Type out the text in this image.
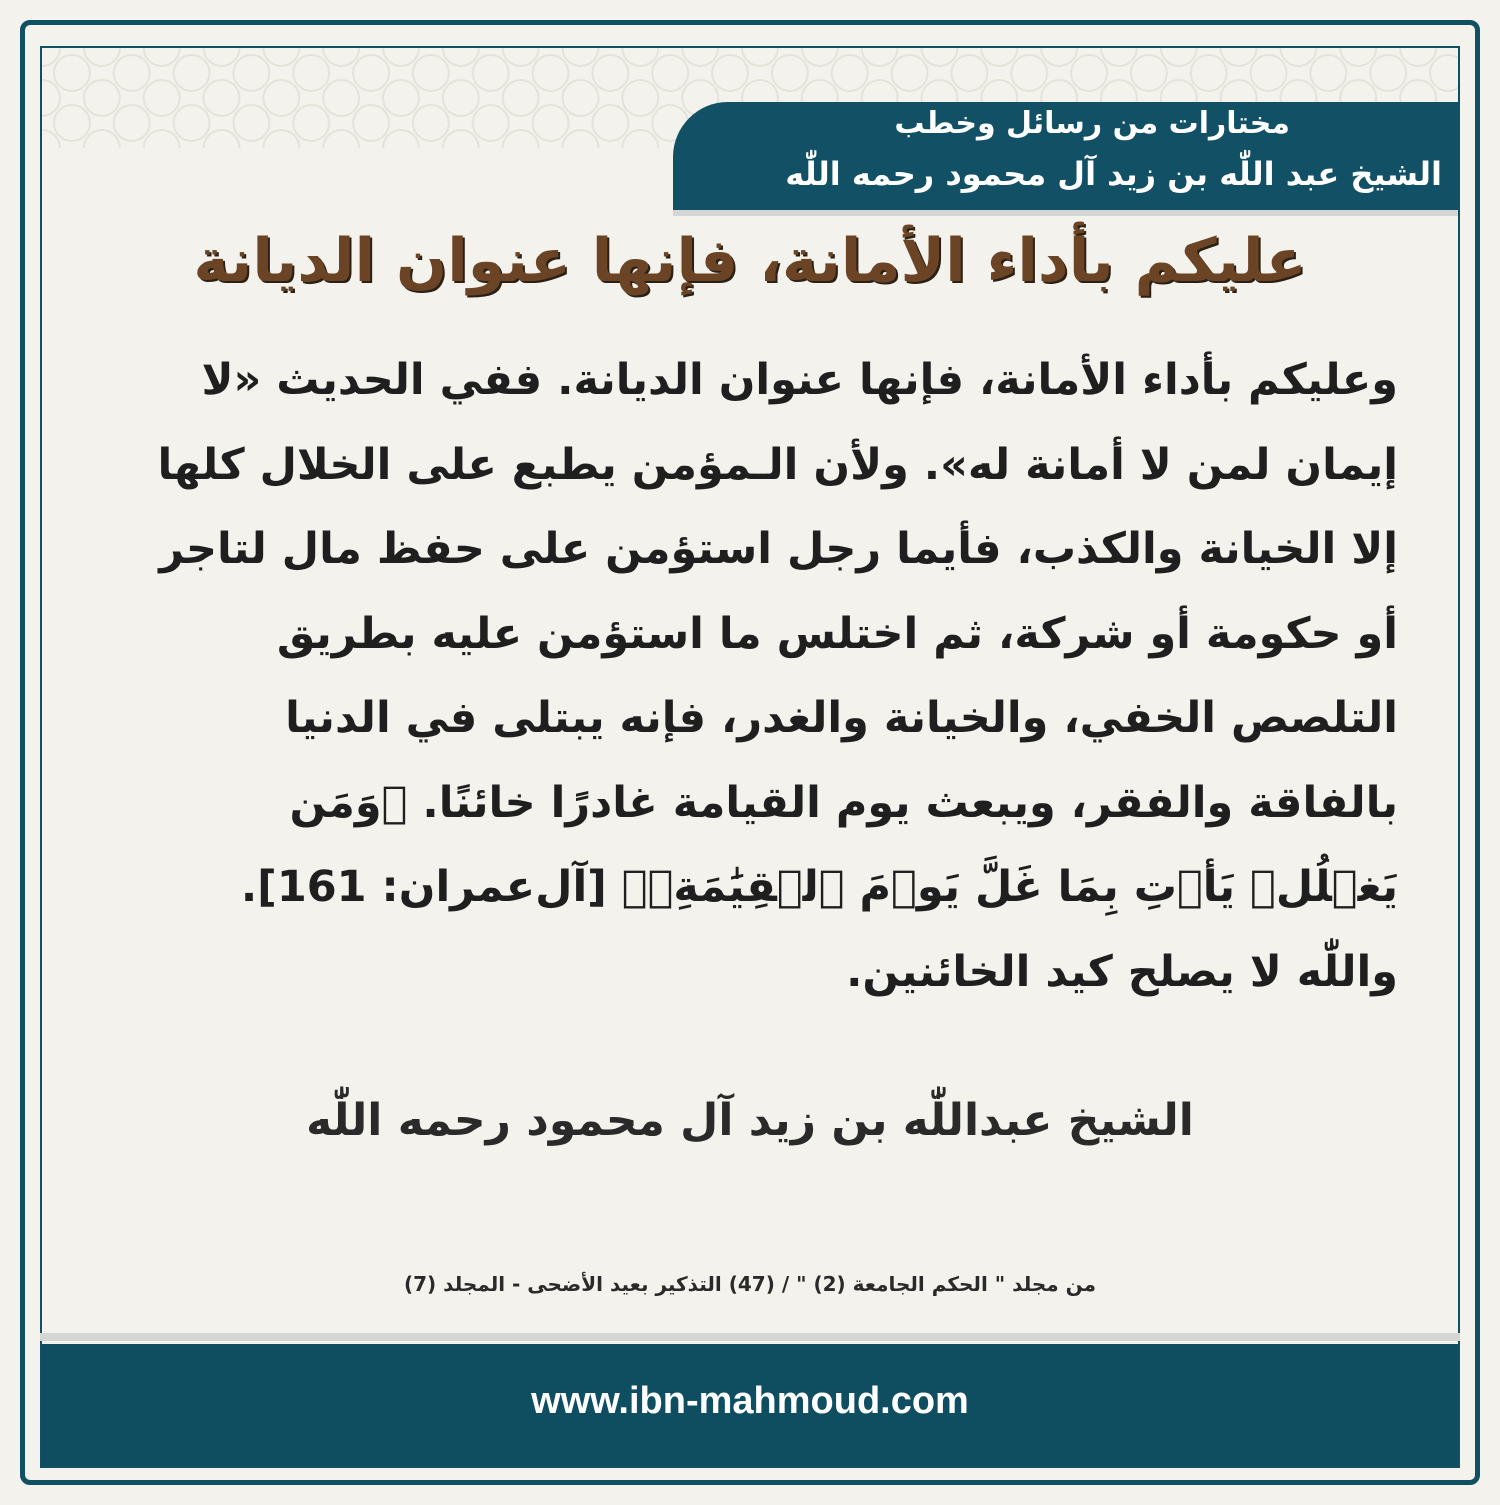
مختارات من رسائل وخطب
الشيخ عبد اللّٰه بن زيد آل محمود رحمه اللّٰه
عليكم بأداء الأمانة، فإنها عنوان الديانة
وعليكم بأداء الأمانة، فإنها عنوان الديانة. ففي الحديث «لا إيمان لمن لا أمانة له». ولأن الـمؤمن يطبع على الخلال كلها إلا الخيانة والكذب، فأيما رجل استؤمن على حفظ مال لتاجر أو حكومة أو شركة، ثم اختلس ما استؤمن عليه بطريق التلصص الخفي، والخيانة والغدر، فإنه يبتلى في الدنيا بالفاقة والفقر، ويبعث يوم القيامة غادرًا خائنًا. ﴿وَمَن يَغۡلُلۡ يَأۡتِ بِمَا غَلَّ يَوۡمَ ٱلۡقِيَٰمَةِۚ﴾ [آل‌عمران: 161]. واللّٰه لا يصلح كيد الخائنين.
الشيخ عبداللّٰه بن زيد آل محمود رحمه اللّٰه
من مجلد " الحكم الجامعة (2) " / (47) التذكير بعيد الأضحى - المجلد (7)
www.ibn-mahmoud.com
